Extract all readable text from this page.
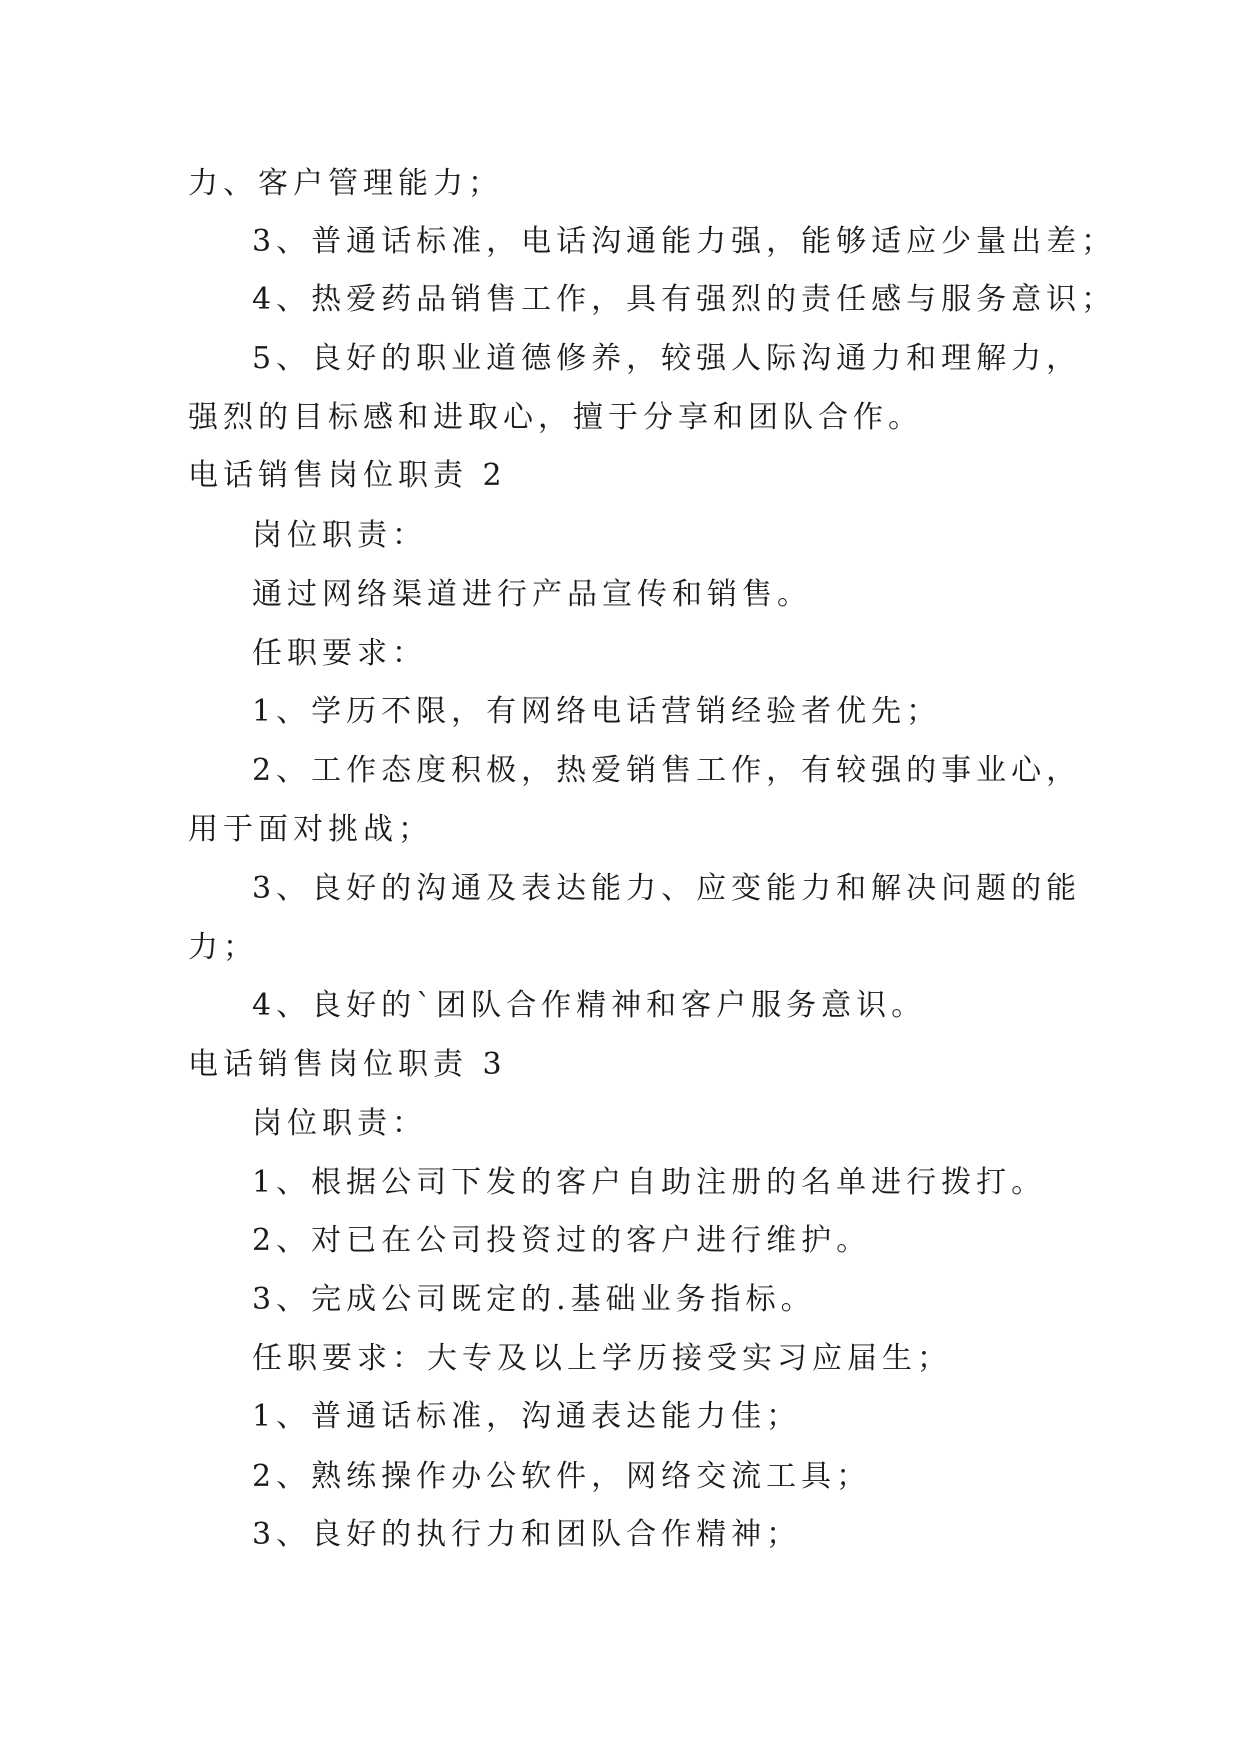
力、客户管理能力；
3、普通话标准，电话沟通能力强，能够适应少量出差；
4、热爱药品销售工作，具有强烈的责任感与服务意识；
5、良好的职业道德修养，较强人际沟通力和理解力，
强烈的目标感和进取心，擅于分享和团队合作。
电话销售岗位职责 2
岗位职责：
通过网络渠道进行产品宣传和销售。
任职要求：
1、学历不限，有网络电话营销经验者优先；
2、工作态度积极，热爱销售工作，有较强的事业心，
用于面对挑战；
3、良好的沟通及表达能力、应变能力和解决问题的能
力；
4、良好的`团队合作精神和客户服务意识。
电话销售岗位职责 3
岗位职责：
1、根据公司下发的客户自助注册的名单进行拨打。
2、对已在公司投资过的客户进行维护。
3、完成公司既定的.基础业务指标。
任职要求：大专及以上学历接受实习应届生；
1、普通话标准，沟通表达能力佳；
2、熟练操作办公软件，网络交流工具；
3、良好的执行力和团队合作精神；
